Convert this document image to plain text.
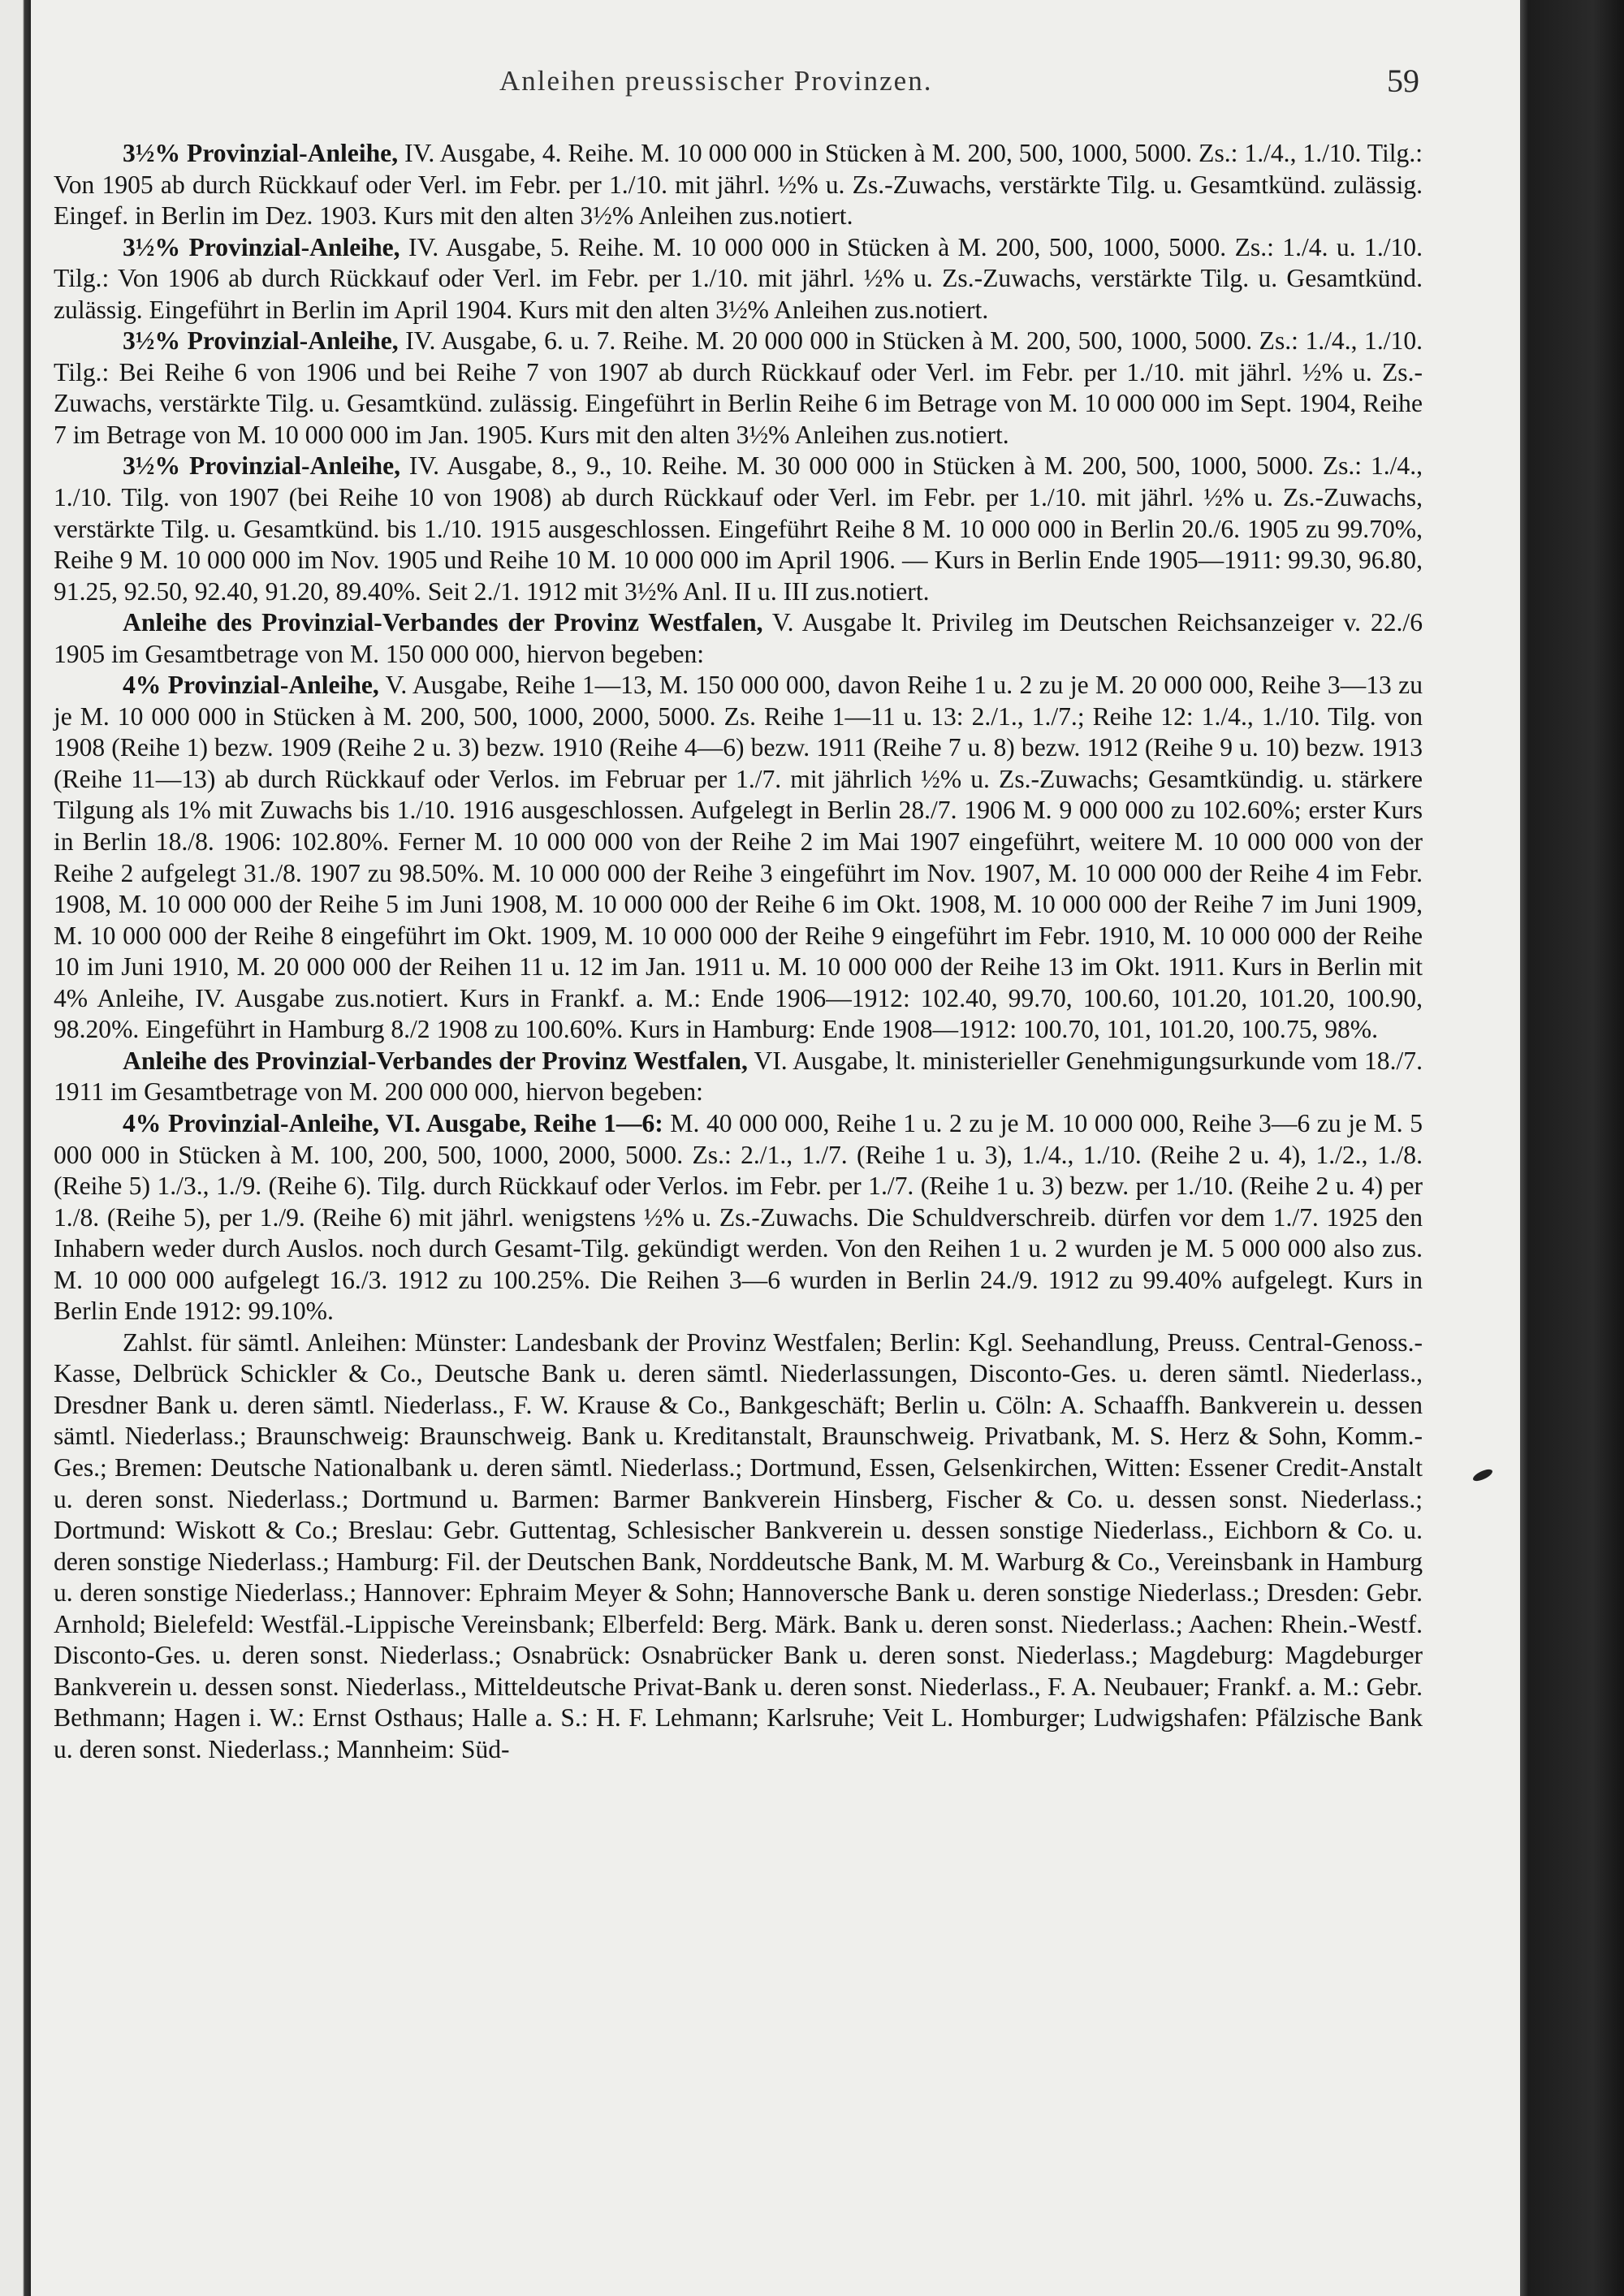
Anleihen preussischer Provinzen.	59

3½% Provinzial-Anleihe, IV. Ausgabe, 4. Reihe. M. 10 000 000 in Stücken à M. 200, 500, 1000, 5000. Zs.: 1./4., 1./10. Tilg.: Von 1905 ab durch Rückkauf oder Verl. im Febr. per 1./10. mit jährl. ½% u. Zs.-Zuwachs, verstärkte Tilg. u. Gesamtkünd. zulässig. Eingef. in Berlin im Dez. 1903. Kurs mit den alten 3½% Anleihen zus.notiert.

3½% Provinzial-Anleihe, IV. Ausgabe, 5. Reihe. M. 10 000 000 in Stücken à M. 200, 500, 1000, 5000. Zs.: 1./4. u. 1./10. Tilg.: Von 1906 ab durch Rückkauf oder Verl. im Febr. per 1./10. mit jährl. ½% u. Zs.-Zuwachs, verstärkte Tilg. u. Gesamtkünd. zulässig. Eingeführt in Berlin im April 1904. Kurs mit den alten 3½% Anleihen zus.notiert.

3½% Provinzial-Anleihe, IV. Ausgabe, 6. u. 7. Reihe. M. 20 000 000 in Stücken à M. 200, 500, 1000, 5000. Zs.: 1./4., 1./10. Tilg.: Bei Reihe 6 von 1906 und bei Reihe 7 von 1907 ab durch Rückkauf oder Verl. im Febr. per 1./10. mit jährl. ½% u. Zs.-Zuwachs, verstärkte Tilg. u. Gesamtkünd. zulässig. Eingeführt in Berlin Reihe 6 im Betrage von M. 10 000 000 im Sept. 1904, Reihe 7 im Betrage von M. 10 000 000 im Jan. 1905. Kurs mit den alten 3½% Anleihen zus.notiert.

3½% Provinzial-Anleihe, IV. Ausgabe, 8., 9., 10. Reihe. M. 30 000 000 in Stücken à M. 200, 500, 1000, 5000. Zs.: 1./4., 1./10. Tilg. von 1907 (bei Reihe 10 von 1908) ab durch Rückkauf oder Verl. im Febr. per 1./10. mit jährl. ½% u. Zs.-Zuwachs, verstärkte Tilg. u. Gesamtkünd. bis 1./10. 1915 ausgeschlossen. Eingeführt Reihe 8 M. 10 000 000 in Berlin 20./6. 1905 zu 99.70%, Reihe 9 M. 10 000 000 im Nov. 1905 und Reihe 10 M. 10 000 000 im April 1906. — Kurs in Berlin Ende 1905—1911: 99.30, 96.80, 91.25, 92.50, 92.40, 91.20, 89.40%. Seit 2./1. 1912 mit 3½% Anl. II u. III zus.notiert.

Anleihe des Provinzial-Verbandes der Provinz Westfalen, V. Ausgabe lt. Privileg im Deutschen Reichsanzeiger v. 22./6 1905 im Gesamtbetrage von M. 150 000 000, hiervon begeben:

4% Provinzial-Anleihe, V. Ausgabe, Reihe 1—13, M. 150 000 000, davon Reihe 1 u. 2 zu je M. 20 000 000, Reihe 3—13 zu je M. 10 000 000 in Stücken à M. 200, 500, 1000, 2000, 5000. Zs. Reihe 1—11 u. 13: 2./1., 1./7.; Reihe 12: 1./4., 1./10. Tilg. von 1908 (Reihe 1) bezw. 1909 (Reihe 2 u. 3) bezw. 1910 (Reihe 4—6) bezw. 1911 (Reihe 7 u. 8) bezw. 1912 (Reihe 9 u. 10) bezw. 1913 (Reihe 11—13) ab durch Rückkauf oder Verlos. im Februar per 1./7. mit jährlich ½% u. Zs.-Zuwachs; Gesamtkündig. u. stärkere Tilgung als 1% mit Zuwachs bis 1./10. 1916 ausgeschlossen. Aufgelegt in Berlin 28./7. 1906 M. 9 000 000 zu 102.60%; erster Kurs in Berlin 18./8. 1906: 102.80%. Ferner M. 10 000 000 von der Reihe 2 im Mai 1907 eingeführt, weitere M. 10 000 000 von der Reihe 2 aufgelegt 31./8. 1907 zu 98.50%. M. 10 000 000 der Reihe 3 eingeführt im Nov. 1907, M. 10 000 000 der Reihe 4 im Febr. 1908, M. 10 000 000 der Reihe 5 im Juni 1908, M. 10 000 000 der Reihe 6 im Okt. 1908, M. 10 000 000 der Reihe 7 im Juni 1909, M. 10 000 000 der Reihe 8 eingeführt im Okt. 1909, M. 10 000 000 der Reihe 9 eingeführt im Febr. 1910, M. 10 000 000 der Reihe 10 im Juni 1910, M. 20 000 000 der Reihen 11 u. 12 im Jan. 1911 u. M. 10 000 000 der Reihe 13 im Okt. 1911. Kurs in Berlin mit 4% Anleihe, IV. Ausgabe zus.notiert. Kurs in Frankf. a. M.: Ende 1906—1912: 102.40, 99.70, 100.60, 101.20, 101.20, 100.90, 98.20%. Eingeführt in Hamburg 8./2 1908 zu 100.60%. Kurs in Hamburg: Ende 1908—1912: 100.70, 101, 101.20, 100.75, 98%.

Anleihe des Provinzial-Verbandes der Provinz Westfalen, VI. Ausgabe, lt. ministerieller Genehmigungsurkunde vom 18./7. 1911 im Gesamtbetrage von M. 200 000 000, hiervon begeben:

4% Provinzial-Anleihe, VI. Ausgabe, Reihe 1—6: M. 40 000 000, Reihe 1 u. 2 zu je M. 10 000 000, Reihe 3—6 zu je M. 5 000 000 in Stücken à M. 100, 200, 500, 1000, 2000, 5000. Zs.: 2./1., 1./7. (Reihe 1 u. 3), 1./4., 1./10. (Reihe 2 u. 4), 1./2., 1./8. (Reihe 5) 1./3., 1./9. (Reihe 6). Tilg. durch Rückkauf oder Verlos. im Febr. per 1./7. (Reihe 1 u. 3) bezw. per 1./10. (Reihe 2 u. 4) per 1./8. (Reihe 5), per 1./9. (Reihe 6) mit jährl. wenigstens ½% u. Zs.-Zuwachs. Die Schuldverschreib. dürfen vor dem 1./7. 1925 den Inhabern weder durch Auslos. noch durch Gesamt-Tilg. gekündigt werden. Von den Reihen 1 u. 2 wurden je M. 5 000 000 also zus. M. 10 000 000 aufgelegt 16./3. 1912 zu 100.25%. Die Reihen 3—6 wurden in Berlin 24./9. 1912 zu 99.40% aufgelegt. Kurs in Berlin Ende 1912: 99.10%.

Zahlst. für sämtl. Anleihen: Münster: Landesbank der Provinz Westfalen; Berlin: Kgl. Seehandlung, Preuss. Central-Genoss.-Kasse, Delbrück Schickler & Co., Deutsche Bank u. deren sämtl. Niederlassungen, Disconto-Ges. u. deren sämtl. Niederlass., Dresdner Bank u. deren sämtl. Niederlass., F. W. Krause & Co., Bankgeschäft; Berlin u. Cöln: A. Schaaffh. Bankverein u. dessen sämtl. Niederlass.; Braunschweig: Braunschweig. Bank u. Kreditanstalt, Braunschweig. Privatbank, M. S. Herz & Sohn, Komm.-Ges.; Bremen: Deutsche Nationalbank u. deren sämtl. Niederlass.; Dortmund, Essen, Gelsenkirchen, Witten: Essener Credit-Anstalt u. deren sonst. Niederlass.; Dortmund u. Barmen: Barmer Bankverein Hinsberg, Fischer & Co. u. dessen sonst. Niederlass.; Dortmund: Wiskott & Co.; Breslau: Gebr. Guttentag, Schlesischer Bankverein u. dessen sonstige Niederlass., Eichborn & Co. u. deren sonstige Niederlass.; Hamburg: Fil. der Deutschen Bank, Norddeutsche Bank, M. M. Warburg & Co., Vereinsbank in Hamburg u. deren sonstige Niederlass.; Hannover: Ephraim Meyer & Sohn; Hannoversche Bank u. deren sonstige Niederlass.; Dresden: Gebr. Arnhold; Bielefeld: Westfäl.-Lippische Vereinsbank; Elberfeld: Berg. Märk. Bank u. deren sonst. Niederlass.; Aachen: Rhein.-Westf. Disconto-Ges. u. deren sonst. Niederlass.; Osnabrück: Osnabrücker Bank u. deren sonst. Niederlass.; Magdeburg: Magdeburger Bankverein u. dessen sonst. Niederlass., Mitteldeutsche Privat-Bank u. deren sonst. Niederlass., F. A. Neubauer; Frankf. a. M.: Gebr. Bethmann; Hagen i. W.: Ernst Osthaus; Halle a. S.: H. F. Lehmann; Karlsruhe; Veit L. Homburger; Ludwigshafen: Pfälzische Bank u. deren sonst. Niederlass.; Mannheim: Süd-
